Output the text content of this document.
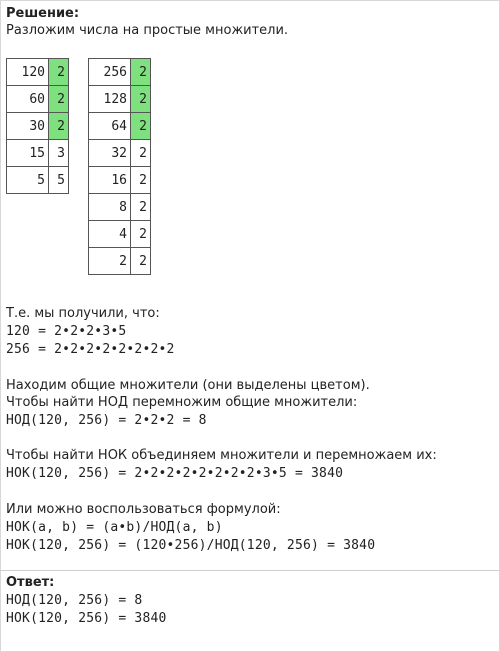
Решение:
Разложим числа на простые множители.
120	2
60	2
30	2
15	3
5	5
256	2
128	2
64	2
32	2
16	2
8	2
4	2
2	2
Т.е. мы получили, что:
120 = 2•2•2•3•5
256 = 2•2•2•2•2•2•2•2
Находим общие множители (они выделены цветом).
Чтобы найти НОД перемножим общие множители:
НОД(120, 256) = 2•2•2 = 8
Чтобы найти НОК объединяем множители и перемножаем их:
НОК(120, 256) = 2•2•2•2•2•2•2•2•3•5 = 3840
Или можно воспользоваться формулой:
НОК(a, b) = (a•b)/НОД(a, b)
НОК(120, 256) = (120•256)/НОД(120, 256) = 3840
Ответ:
НОД(120, 256) = 8
НОК(120, 256) = 3840
